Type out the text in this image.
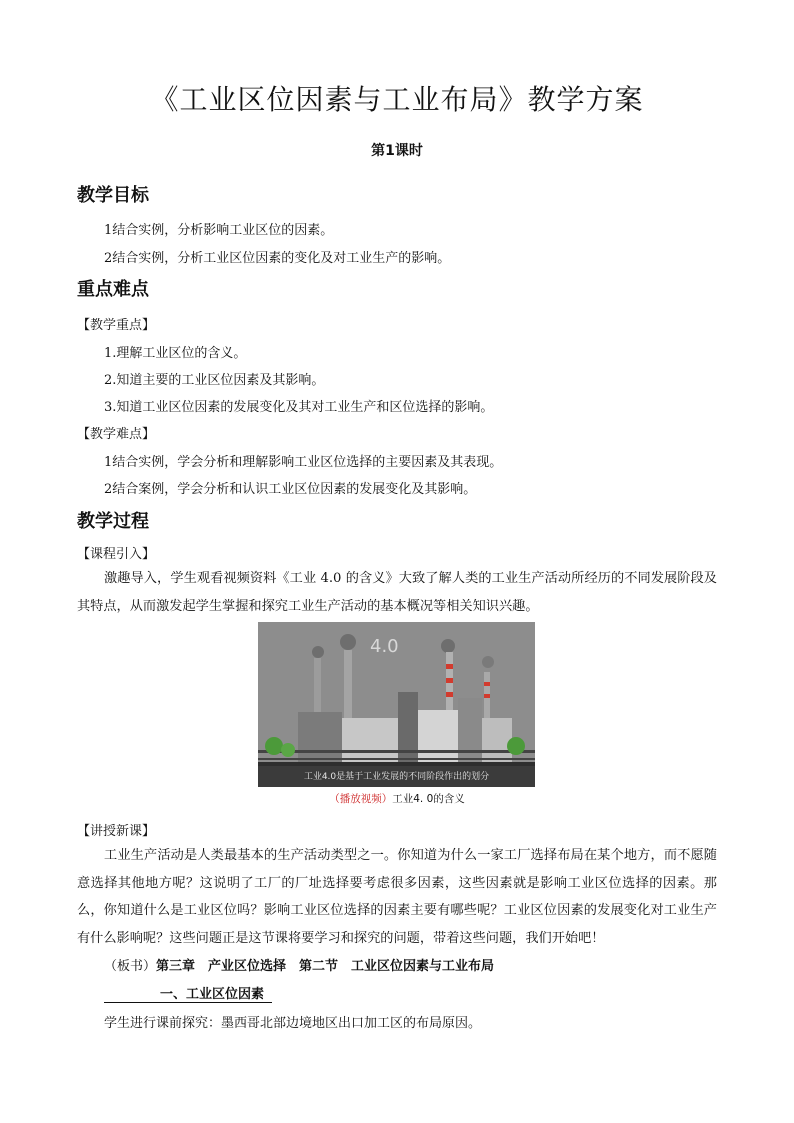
《工业区位因素与工业布局》教学方案
第1课时
教学目标
1结合实例，分析影响工业区位的因素。
2结合实例，分析工业区位因素的变化及对工业生产的影响。
重点难点
【教学重点】
1.理解工业区位的含义。
2.知道主要的工业区位因素及其影响。
3.知道工业区位因素的发展变化及其对工业生产和区位选择的影响。
【教学难点】
1结合实例，学会分析和理解影响工业区位选择的主要因素及其表现。
2结合案例，学会分析和认识工业区位因素的发展变化及其影响。
教学过程
【课程引入】
激趣导入，学生观看视频资料《工业 4.0 的含义》大致了解人类的工业生产活动所经历的不同发展阶段及其特点，从而激发起学生掌握和探究工业生产活动的基本概况等相关知识兴趣。
4.0
工业4.0是基于工业发展的不同阶段作出的划分
（播放视频）工业4. 0的含义
【讲授新课】
工业生产活动是人类最基本的生产活动类型之一。你知道为什么一家工厂选择布局在某个地方，而不愿随意选择其他地方呢？这说明了工厂的厂址选择要考虑很多因素，这些因素就是影响工业区位选择的因素。那么，你知道什么是工业区位吗？影响工业区位选择的因素主要有哪些呢？工业区位因素的发展变化对工业生产有什么影响呢？这些问题正是这节课将要学习和探究的问题，带着这些问题，我们开始吧！
（板书）第三章　产业区位选择　第二节　工业区位因素与工业布局
一、工业区位因素
学生进行课前探究：墨西哥北部边境地区出口加工区的布局原因。
